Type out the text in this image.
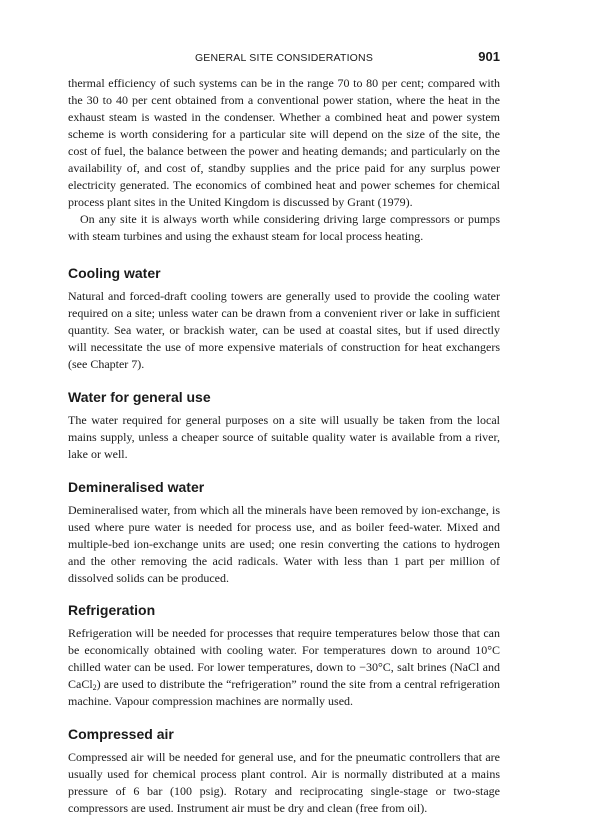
GENERAL SITE CONSIDERATIONS	901

thermal efficiency of such systems can be in the range 70 to 80 per cent; compared with the 30 to 40 per cent obtained from a conventional power station, where the heat in the exhaust steam is wasted in the condenser. Whether a combined heat and power system scheme is worth considering for a particular site will depend on the size of the site, the cost of fuel, the balance between the power and heating demands; and particularly on the availability of, and cost of, standby supplies and the price paid for any surplus power electricity generated. The economics of combined heat and power schemes for chemical process plant sites in the United Kingdom is discussed by Grant (1979).

On any site it is always worth while considering driving large compressors or pumps with steam turbines and using the exhaust steam for local process heating.

Cooling water

Natural and forced-draft cooling towers are generally used to provide the cooling water required on a site; unless water can be drawn from a convenient river or lake in sufficient quantity. Sea water, or brackish water, can be used at coastal sites, but if used directly will necessitate the use of more expensive materials of construction for heat exchangers (see Chapter 7).

Water for general use

The water required for general purposes on a site will usually be taken from the local mains supply, unless a cheaper source of suitable quality water is available from a river, lake or well.

Demineralised water

Demineralised water, from which all the minerals have been removed by ion-exchange, is used where pure water is needed for process use, and as boiler feed-water. Mixed and multiple-bed ion-exchange units are used; one resin converting the cations to hydrogen and the other removing the acid radicals. Water with less than 1 part per million of dissolved solids can be produced.

Refrigeration

Refrigeration will be needed for processes that require temperatures below those that can be economically obtained with cooling water. For temperatures down to around 10°C chilled water can be used. For lower temperatures, down to −30°C, salt brines (NaCl and CaCl$_2$) are used to distribute the “refrigeration” round the site from a central refrigeration machine. Vapour compression machines are normally used.

Compressed air

Compressed air will be needed for general use, and for the pneumatic controllers that are usually used for chemical process plant control. Air is normally distributed at a mains pressure of 6 bar (100 psig). Rotary and reciprocating single-stage or two-stage compressors are used. Instrument air must be dry and clean (free from oil).
